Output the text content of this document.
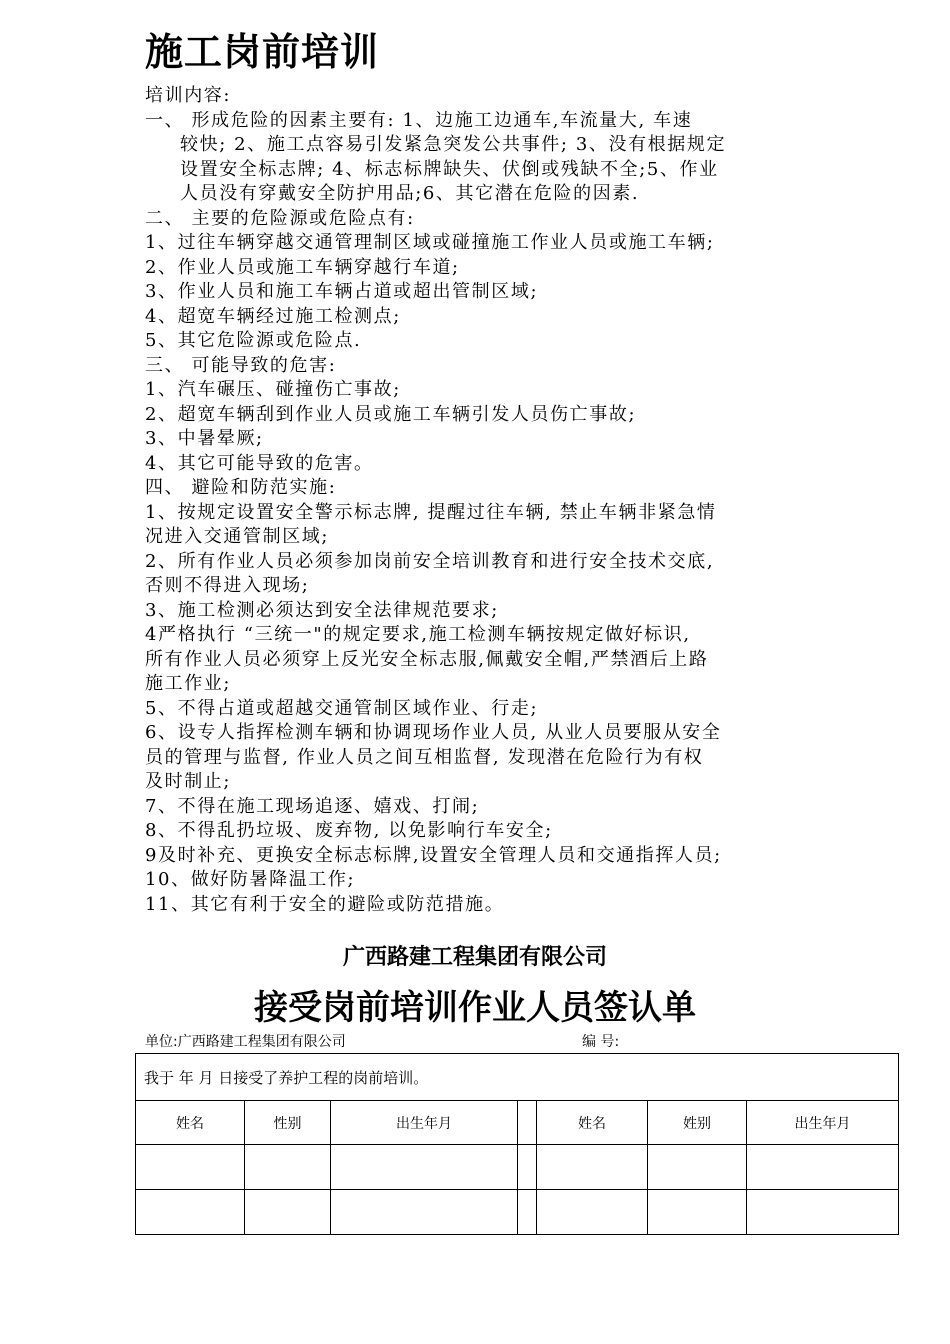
施工岗前培训
培训内容:
一、 形成危险的因素主要有: 1、边施工边通车,车流量大, 车速
较快; 2、施工点容易引发紧急突发公共事件; 3、没有根据规定
设置安全标志牌; 4、标志标牌缺失、伏倒或残缺不全;5、作业
人员没有穿戴安全防护用品;6、其它潜在危险的因素.
二、 主要的危险源或危险点有:
1、过往车辆穿越交通管理制区域或碰撞施工作业人员或施工车辆;
2、作业人员或施工车辆穿越行车道;
3、作业人员和施工车辆占道或超出管制区域;
4、超宽车辆经过施工检测点;
5、其它危险源或危险点.
三、 可能导致的危害:
1、汽车碾压、碰撞伤亡事故;
2、超宽车辆刮到作业人员或施工车辆引发人员伤亡事故;
3、中暑晕厥;
4、其它可能导致的危害。
四、 避险和防范实施:
1、按规定设置安全警示标志牌, 提醒过往车辆, 禁止车辆非紧急情
况进入交通管制区域;
2、所有作业人员必须参加岗前安全培训教育和进行安全技术交底,
否则不得进入现场;
3、施工检测必须达到安全法律规范要求;
4严格执行 “三统一"的规定要求,施工检测车辆按规定做好标识,
所有作业人员必须穿上反光安全标志服,佩戴安全帽,严禁酒后上路
施工作业;
5、不得占道或超越交通管制区域作业、行走;
6、设专人指挥检测车辆和协调现场作业人员, 从业人员要服从安全
员的管理与监督, 作业人员之间互相监督, 发现潜在危险行为有权
及时制止;
7、不得在施工现场追逐、嬉戏、打闹;
8、不得乱扔垃圾、废弃物, 以免影响行车安全;
9及时补充、更换安全标志标牌,设置安全管理人员和交通指挥人员;
10、做好防暑降温工作;
11、其它有利于安全的避险或防范措施。
广西路建工程集团有限公司
接受岗前培训作业人员签认单
单位:广西路建工程集团有限公司	编 号:
我于 年 月 日接受了养护工程的岗前培训。						
姓名	性别	出生年月		姓名	姓别	出生年月
